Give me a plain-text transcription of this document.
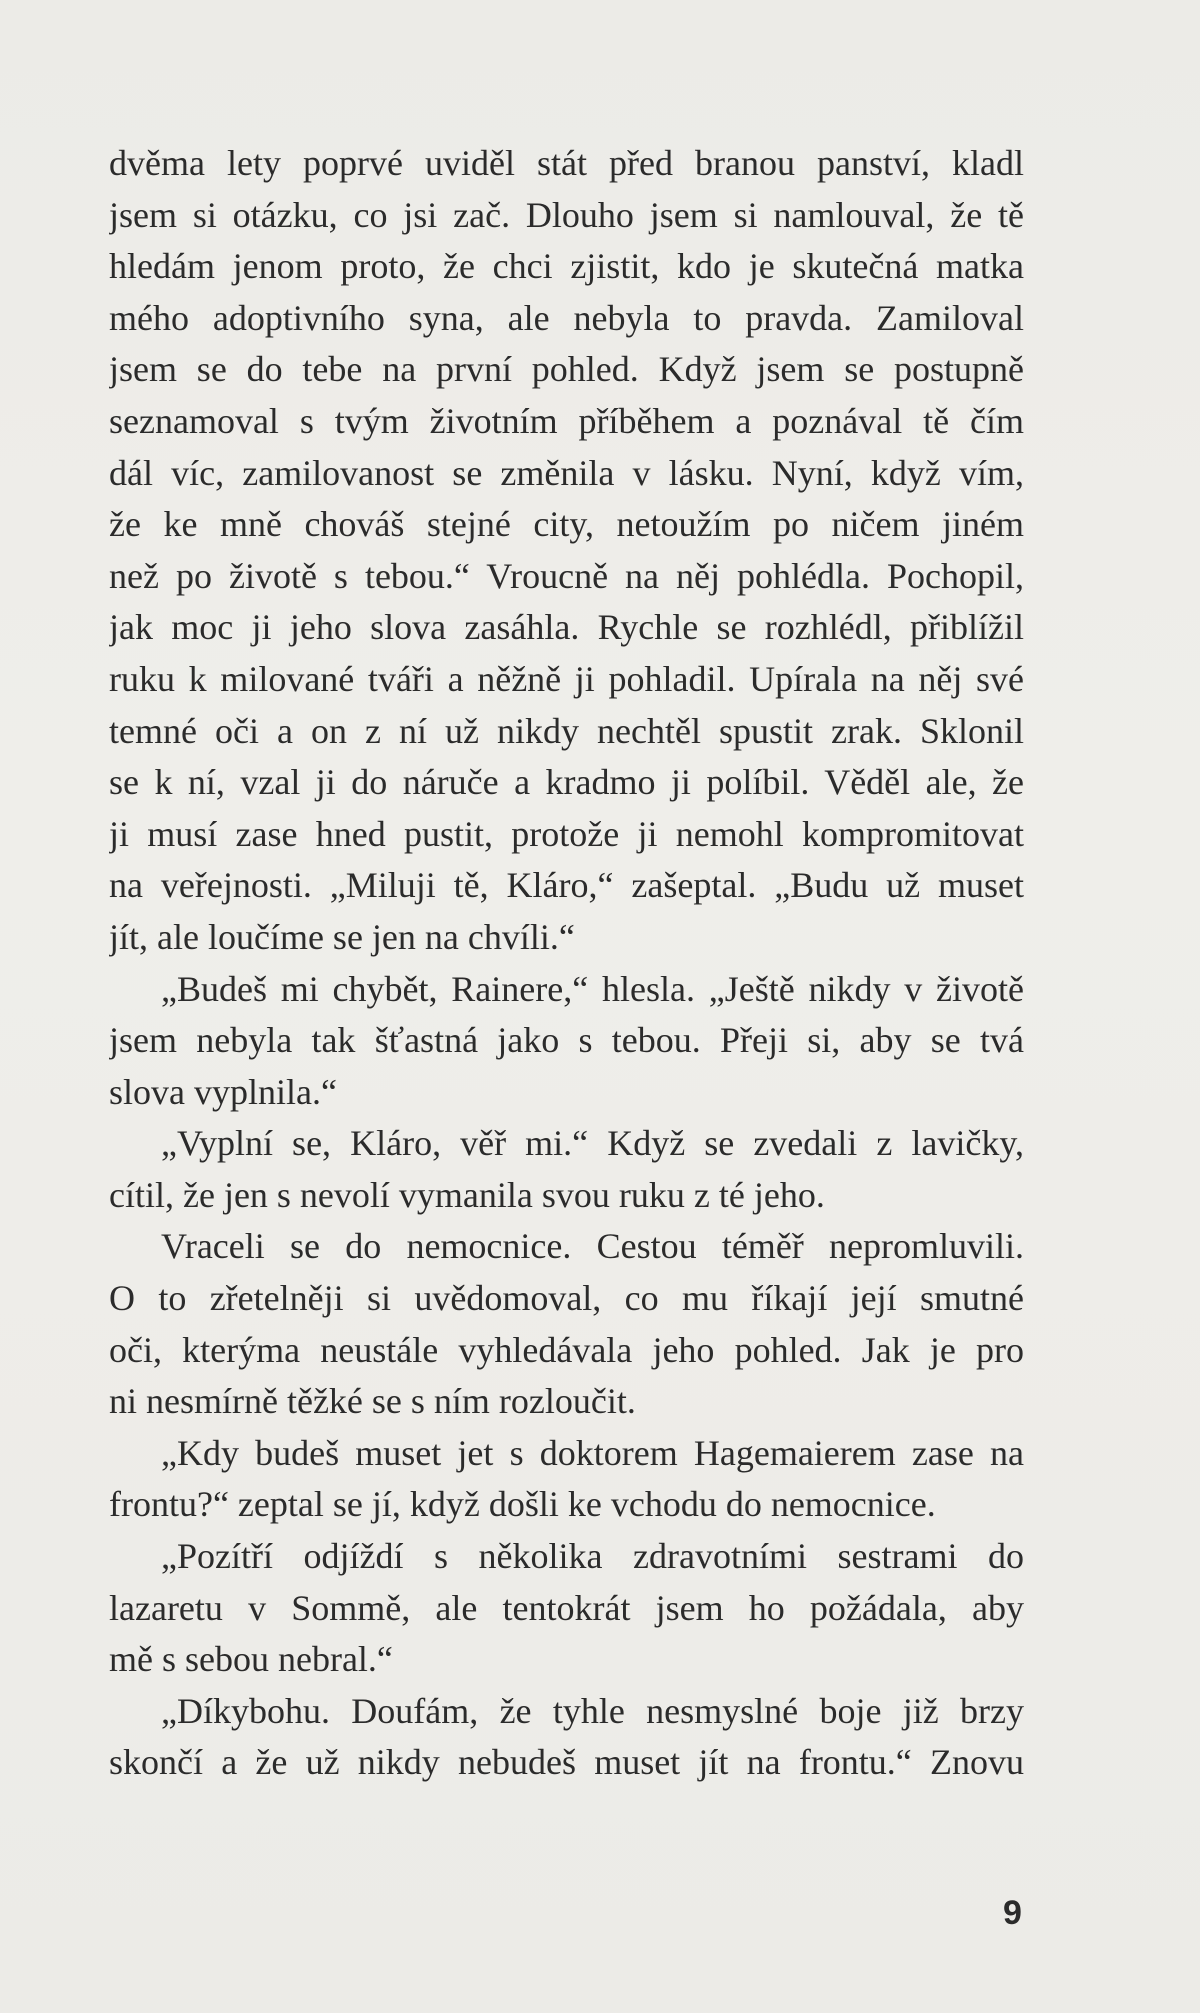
dvěma lety poprvé uviděl stát před branou panství, kladl
jsem si otázku, co jsi zač. Dlouho jsem si namlouval, že tě
hledám jenom proto, že chci zjistit, kdo je skutečná matka
mého adoptivního syna, ale nebyla to pravda. Zamiloval
jsem se do tebe na první pohled. Když jsem se postupně
seznamoval s tvým životním příběhem a poznával tě čím
dál víc, zamilovanost se změnila v lásku. Nyní, když vím,
že ke mně chováš stejné city, netoužím po ničem jiném
než po životě s tebou.“ Vroucně na něj pohlédla. Pochopil,
jak moc ji jeho slova zasáhla. Rychle se rozhlédl, přiblížil
ruku k milované tváři a něžně ji pohladil. Upírala na něj své
temné oči a on z ní už nikdy nechtěl spustit zrak. Sklonil
se k ní, vzal ji do náruče a kradmo ji políbil. Věděl ale, že
ji musí zase hned pustit, protože ji nemohl kompromitovat
na veřejnosti. „Miluji tě, Kláro,“ zašeptal. „Budu už muset
jít, ale loučíme se jen na chvíli.“
„Budeš mi chybět, Rainere,“ hlesla. „Ještě nikdy v životě
jsem nebyla tak šťastná jako s tebou. Přeji si, aby se tvá
slova vyplnila.“
„Vyplní se, Kláro, věř mi.“ Když se zvedali z lavičky,
cítil, že jen s nevolí vymanila svou ruku z té jeho.
Vraceli se do nemocnice. Cestou téměř nepromluvili.
O to zřetelněji si uvědomoval, co mu říkají její smutné
oči, kterýma neustále vyhledávala jeho pohled. Jak je pro
ni nesmírně těžké se s ním rozloučit.
„Kdy budeš muset jet s doktorem Hagemaierem zase na
frontu?“ zeptal se jí, když došli ke vchodu do nemocnice.
„Pozítří odjíždí s několika zdravotními sestrami do
lazaretu v Sommě, ale tentokrát jsem ho požádala, aby
mě s sebou nebral.“
„Díkybohu. Doufám, že tyhle nesmyslné boje již brzy
skončí a že už nikdy nebudeš muset jít na frontu.“ Znovu
9
